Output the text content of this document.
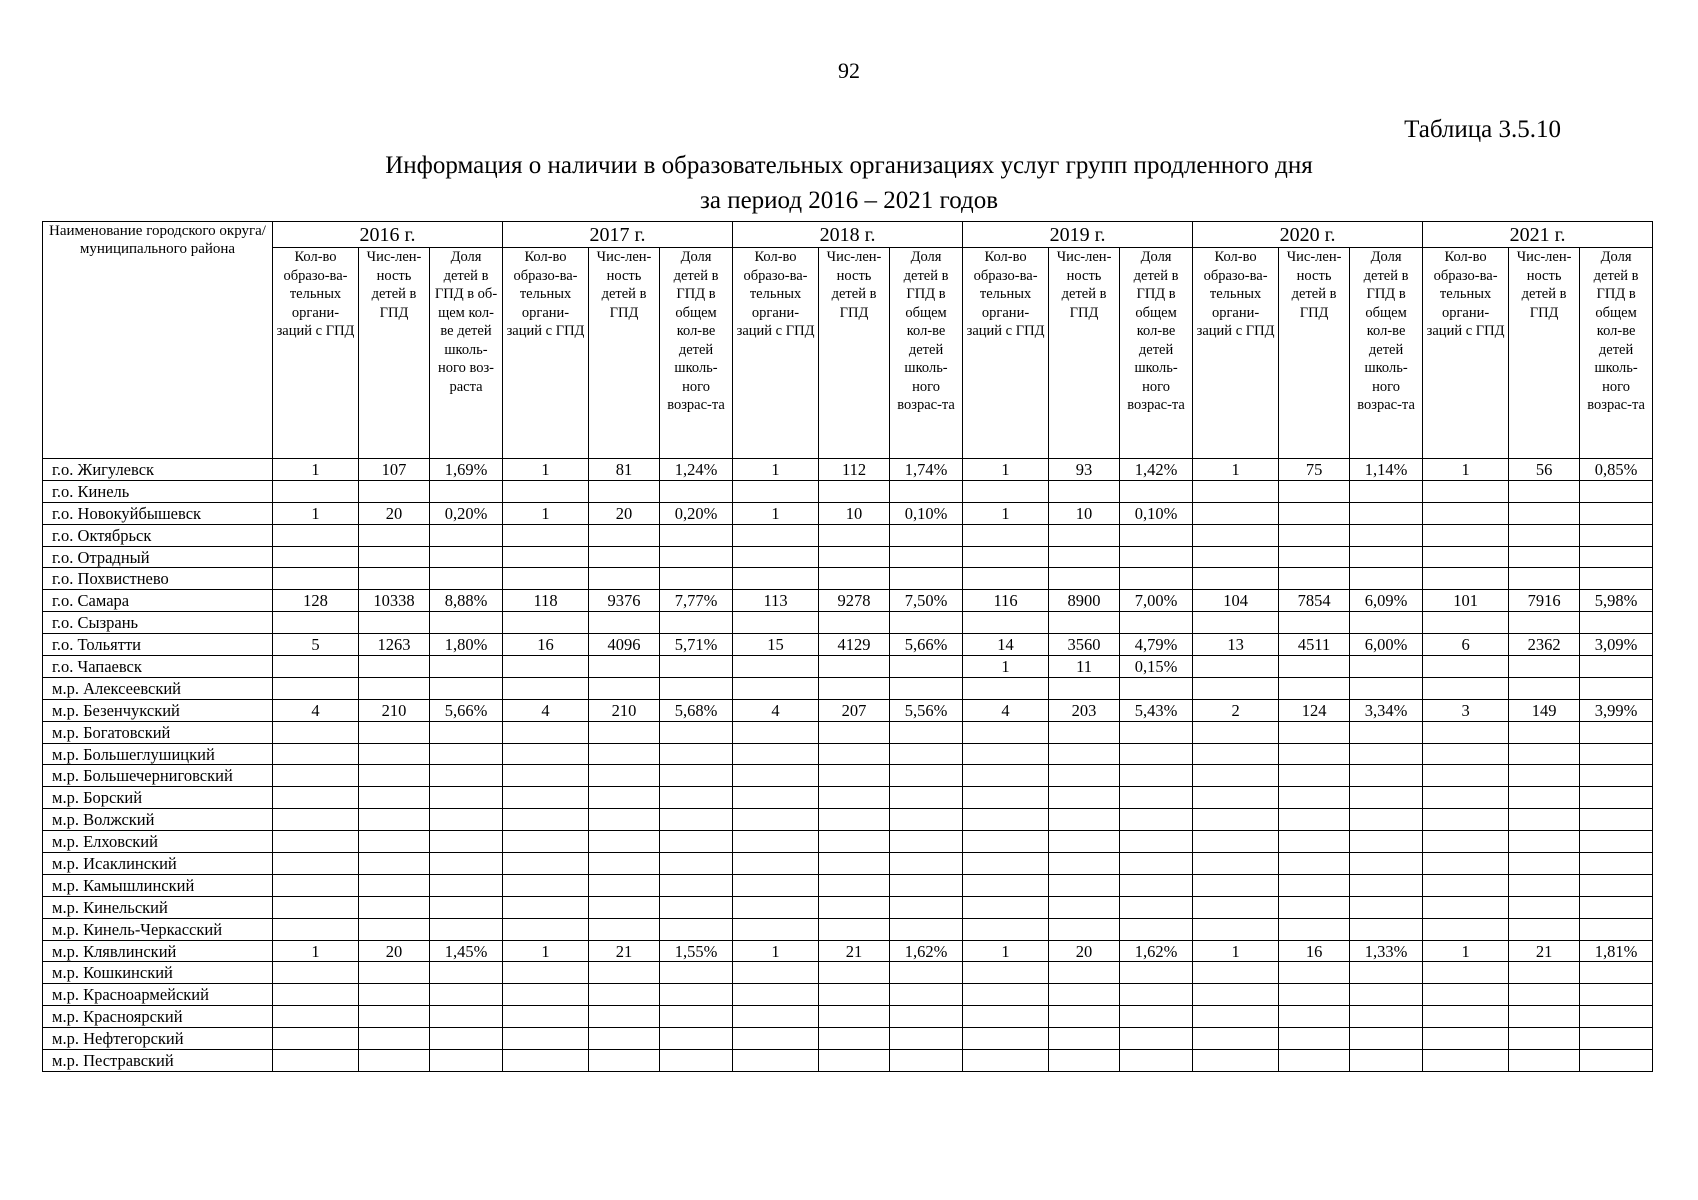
92
Таблица 3.5.10
Информация о наличии в образовательных организациях услуг групп продленного дня
за период 2016 – 2021 годов
Наименование городского округа/ муниципального района	2016 г.			2017 г.			2018 г.			2019 г.			2020 г.			2021 г.		
	Кол-во образо-ва-тельных органи-заций с ГПД	Чис-лен-ность детей в ГПД	Доля детей в ГПД в об-щем кол-ве детей школь-ного воз-раста	Кол-во образо-ва-тельных органи-заций с ГПД	Чис-лен-ность детей в ГПД	Доля детей в ГПД в общем кол-ве детей школь-ного возрас-та	Кол-во образо-ва-тельных органи-заций с ГПД	Чис-лен-ность детей в ГПД	Доля детей в ГПД в общем кол-ве детей школь-ного возрас-та	Кол-во образо-ва-тельных органи-заций с ГПД	Чис-лен-ность детей в ГПД	Доля детей в ГПД в общем кол-ве детей школь-ного возрас-та	Кол-во образо-ва-тельных органи-заций с ГПД	Чис-лен-ность детей в ГПД	Доля детей в ГПД в общем кол-ве детей школь-ного возрас-та	Кол-во образо-ва-тельных органи-заций с ГПД	Чис-лен-ность детей в ГПД	Доля детей в ГПД в общем кол-ве детей школь-ного возрас-та
г.о. Жигулевск	1	107	1,69%	1	81	1,24%	1	112	1,74%	1	93	1,42%	1	75	1,14%	1	56	0,85%
г.о. Кинель																		
г.о. Новокуйбышевск	1	20	0,20%	1	20	0,20%	1	10	0,10%	1	10	0,10%						
г.о. Октябрьск																		
г.о. Отрадный																		
г.о. Похвистнево																		
г.о. Самара	128	10338	8,88%	118	9376	7,77%	113	9278	7,50%	116	8900	7,00%	104	7854	6,09%	101	7916	5,98%
г.о. Сызрань																		
г.о. Тольятти	5	1263	1,80%	16	4096	5,71%	15	4129	5,66%	14	3560	4,79%	13	4511	6,00%	6	2362	3,09%
г.о. Чапаевск										1	11	0,15%						
м.р. Алексеевский																		
м.р. Безенчукский	4	210	5,66%	4	210	5,68%	4	207	5,56%	4	203	5,43%	2	124	3,34%	3	149	3,99%
м.р. Богатовский																		
м.р. Большеглушицкий																		
м.р. Большечерниговский																		
м.р. Борский																		
м.р. Волжский																		
м.р. Елховский																		
м.р. Исаклинский																		
м.р. Камышлинский																		
м.р. Кинельский																		
м.р. Кинель-Черкасский																		
м.р. Клявлинский	1	20	1,45%	1	21	1,55%	1	21	1,62%	1	20	1,62%	1	16	1,33%	1	21	1,81%
м.р. Кошкинский																		
м.р. Красноармейский																		
м.р. Красноярский																		
м.р. Нефтегорский																		
м.р. Пестравский																		
